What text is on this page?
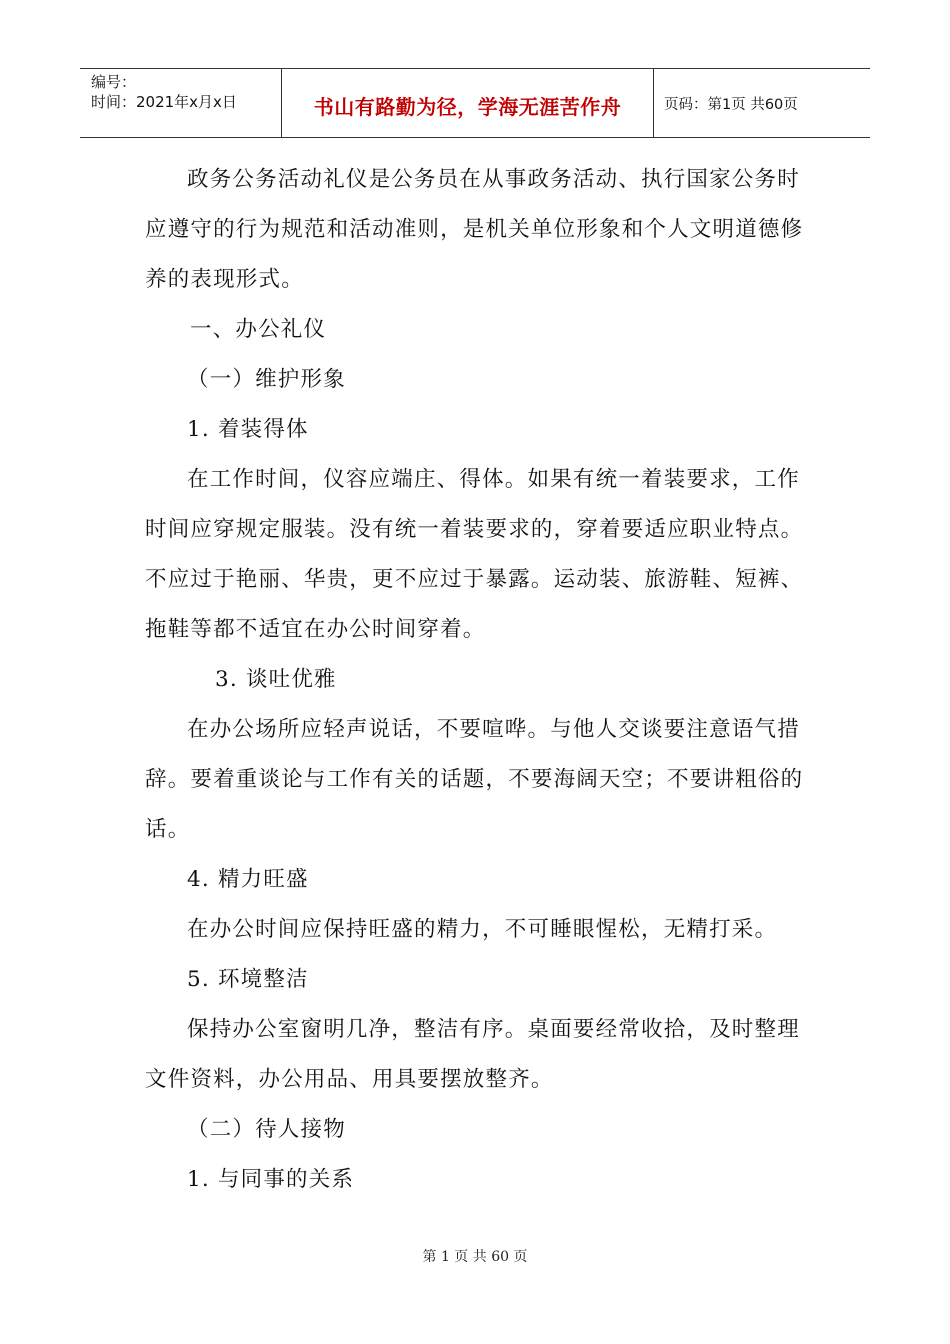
编号：
时间：2021年x月x日	书山有路勤为径，学海无涯苦作舟	页码：第1页 共60页
政务公务活动礼仪是公务员在从事政务活动、执行国家公务时
应遵守的行为规范和活动准则，是机关单位形象和个人文明道德修
养的表现形式。
一、办公礼仪
（一）维护形象
1. 着装得体
在工作时间，仪容应端庄、得体。如果有统一着装要求，工作
时间应穿规定服装。没有统一着装要求的，穿着要适应职业特点。
不应过于艳丽、华贵，更不应过于暴露。运动装、旅游鞋、短裤、
拖鞋等都不适宜在办公时间穿着。
3. 谈吐优雅
在办公场所应轻声说话，不要喧哗。与他人交谈要注意语气措
辞。要着重谈论与工作有关的话题，不要海阔天空；不要讲粗俗的
话。
4. 精力旺盛
在办公时间应保持旺盛的精力，不可睡眼惺松，无精打采。
5. 环境整洁
保持办公室窗明几净，整洁有序。桌面要经常收拾，及时整理
文件资料，办公用品、用具要摆放整齐。
（二）待人接物
1. 与同事的关系
第 1 页 共 60 页
